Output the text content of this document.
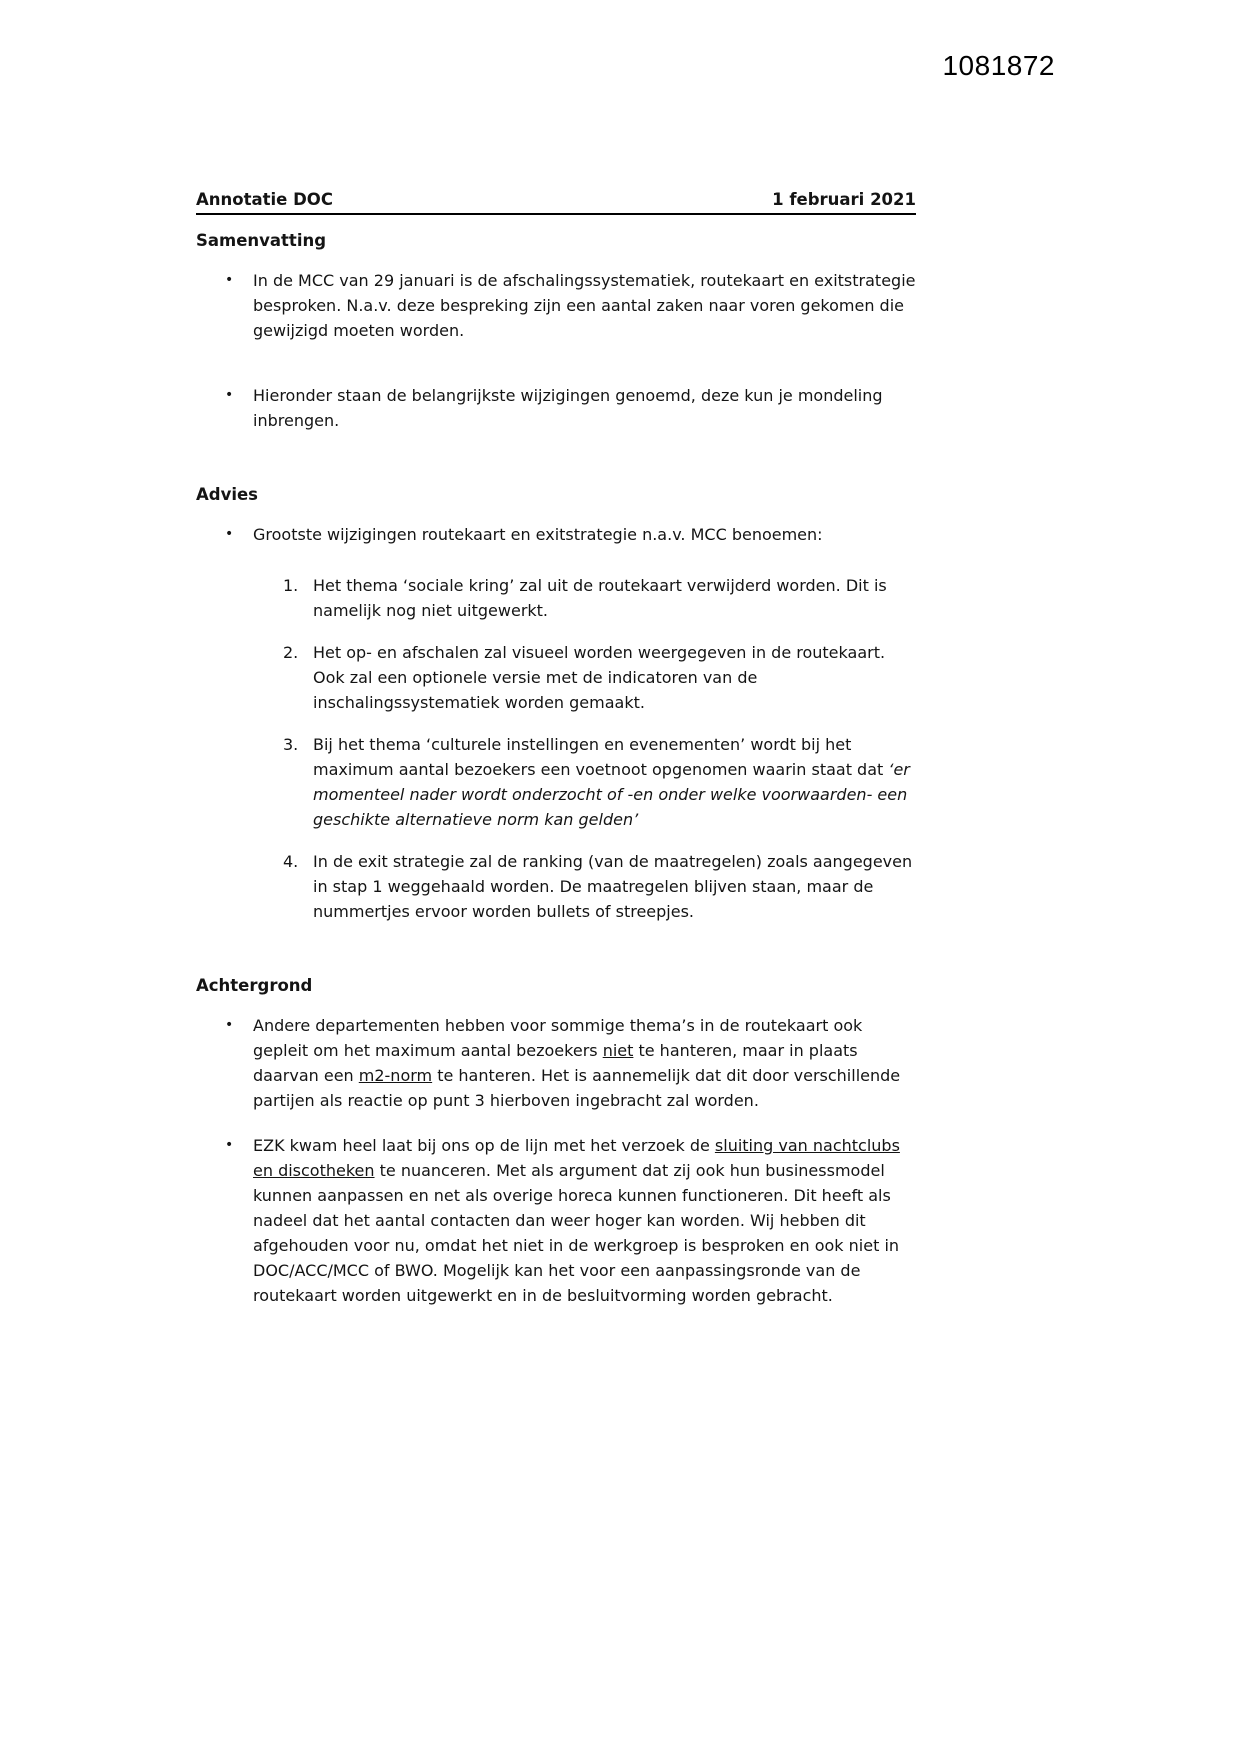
1081872
Annotatie DOC	1 februari 2021
Samenvatting
•	In de MCC van 29 januari is de afschalingssystematiek, routekaart en exitstrategie besproken. N.a.v. deze bespreking zijn een aantal zaken naar voren gekomen die gewijzigd moeten worden.
•	Hieronder staan de belangrijkste wijzigingen genoemd, deze kun je mondeling inbrengen.
Advies
•	Grootste wijzigingen routekaart en exitstrategie n.a.v. MCC benoemen:
1. Het thema ‘sociale kring’ zal uit de routekaart verwijderd worden. Dit is namelijk nog niet uitgewerkt.
2. Het op- en afschalen zal visueel worden weergegeven in de routekaart. Ook zal een optionele versie met de indicatoren van de inschalingssystematiek worden gemaakt.
3. Bij het thema ‘culturele instellingen en evenementen’ wordt bij het maximum aantal bezoekers een voetnoot opgenomen waarin staat dat ‘er momenteel nader wordt onderzocht of -en onder welke voorwaarden- een geschikte alternatieve norm kan gelden’
4. In de exit strategie zal de ranking (van de maatregelen) zoals aangegeven in stap 1 weggehaald worden. De maatregelen blijven staan, maar de nummertjes ervoor worden bullets of streepjes.
Achtergrond
•	Andere departementen hebben voor sommige thema’s in de routekaart ook gepleit om het maximum aantal bezoekers niet te hanteren, maar in plaats daarvan een m2-norm te hanteren. Het is aannemelijk dat dit door verschillende partijen als reactie op punt 3 hierboven ingebracht zal worden.
•	EZK kwam heel laat bij ons op de lijn met het verzoek de sluiting van nachtclubs en discotheken te nuanceren. Met als argument dat zij ook hun businessmodel kunnen aanpassen en net als overige horeca kunnen functioneren. Dit heeft als nadeel dat het aantal contacten dan weer hoger kan worden. Wij hebben dit afgehouden voor nu, omdat het niet in de werkgroep is besproken en ook niet in DOC/ACC/MCC of BWO. Mogelijk kan het voor een aanpassingsronde van de routekaart worden uitgewerkt en in de besluitvorming worden gebracht.
